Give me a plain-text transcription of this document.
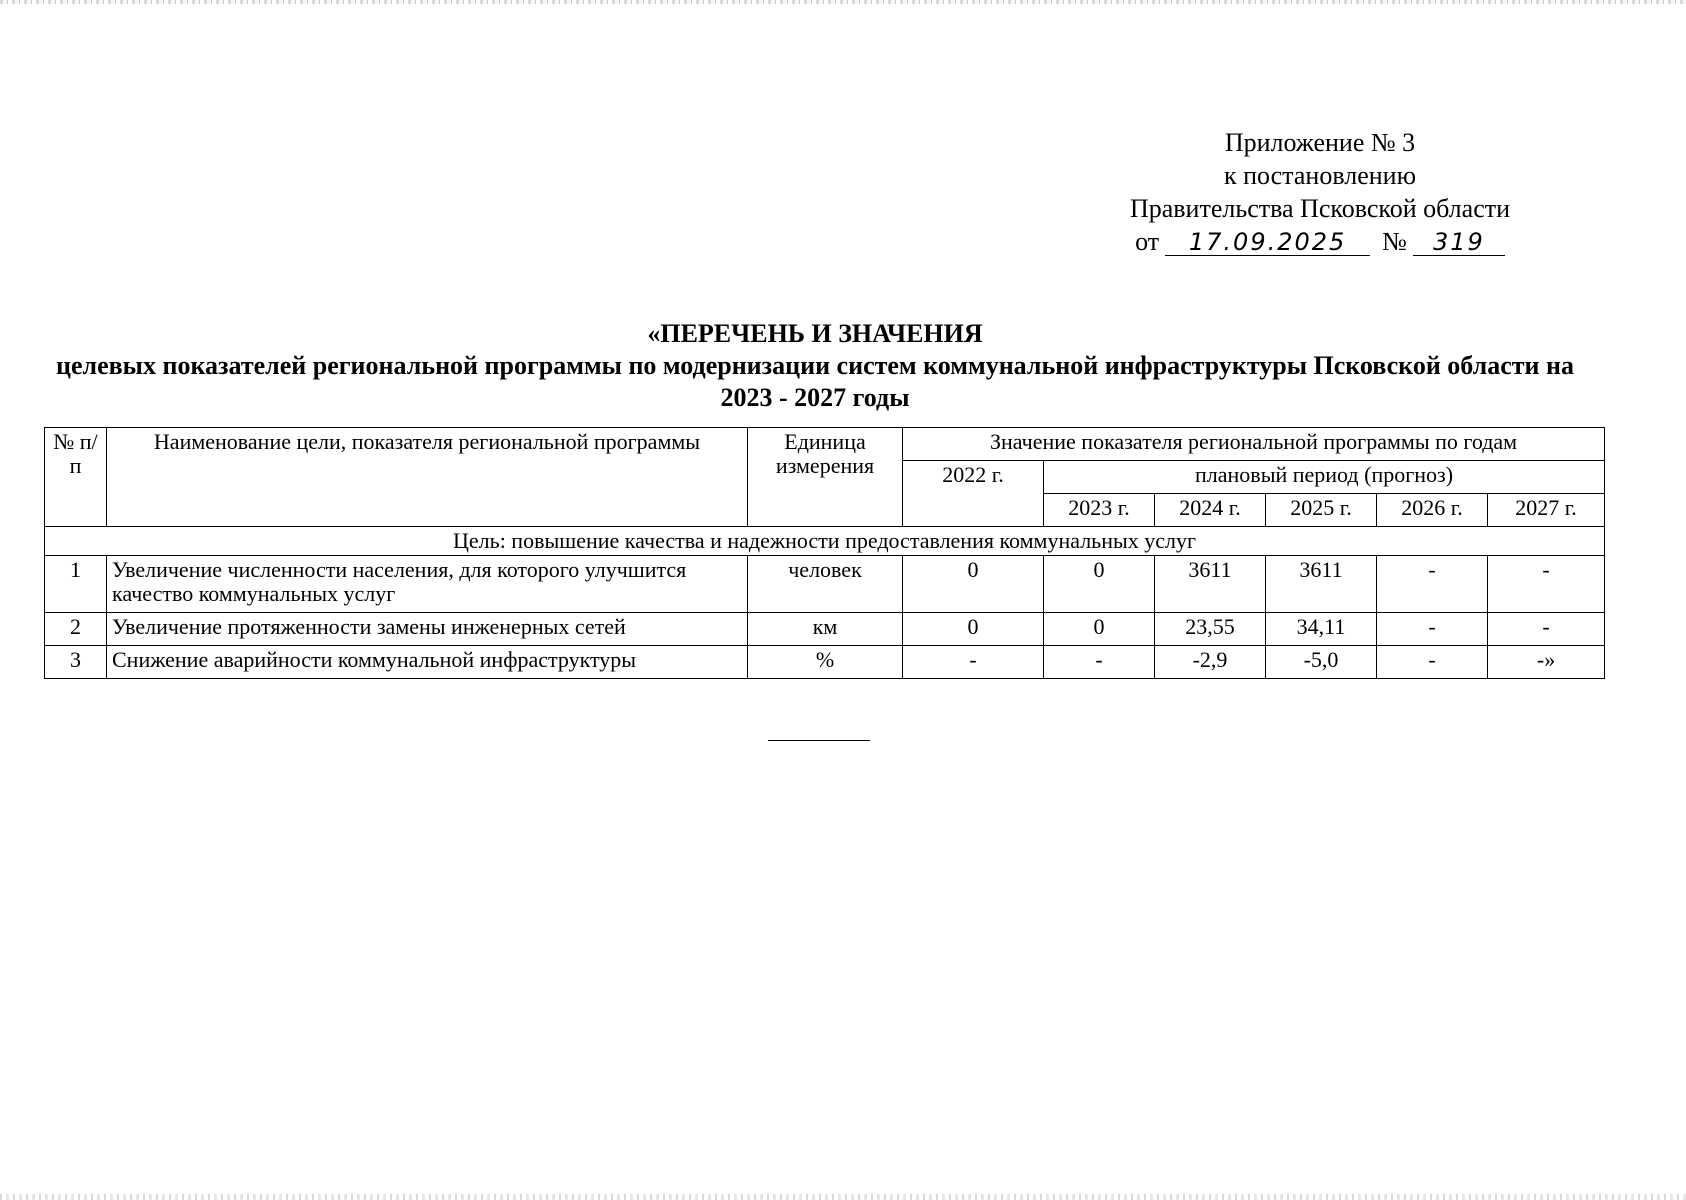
Приложение № 3
к постановлению
Правительства Псковской области
от 17.09.2025 № 319
«ПЕРЕЧЕНЬ И ЗНАЧЕНИЯ
целевых показателей региональной программы по модернизации систем коммунальной инфраструктуры Псковской области на 2023 - 2027 годы
№ п/п	Наименование цели, показателя региональной программы	Единица измерения	Значение показателя региональной программы по годам					
			2022 г.	плановый период (прогноз)				
				2023 г.	2024 г.	2025 г.	2026 г.	2027 г.
Цель: повышение качества и надежности предоставления коммунальных услуг								
1	Увеличение численности населения, для которого улучшится качество коммунальных услуг	человек	0	0	3611	3611	-	-
2	Увеличение протяженности замены инженерных сетей	км	0	0	23,55	34,11	-	-
3	Снижение аварийности коммунальной инфраструктуры	%	-	-	-2,9	-5,0	-	-»
